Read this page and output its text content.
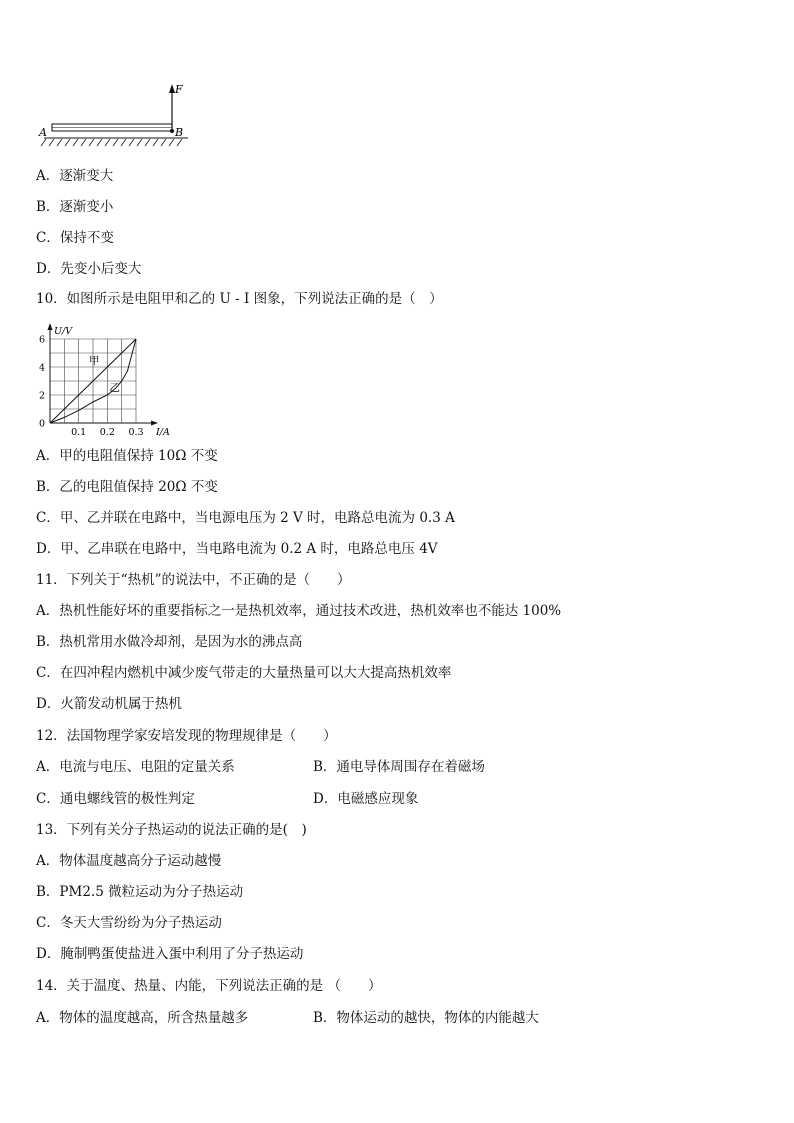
F
A	B
A．逐渐变大
B．逐渐变小
C．保持不变
D．先变小后变大
10．如图所示是电阻甲和乙的 U - I 图象，下列说法正确的是（　）
0.1 0.2 0.3
0
2
4
6
I/A
U/V
甲
乙
A．甲的电阻值保持 10Ω 不变
B．乙的电阻值保持 20Ω 不变
C．甲、乙并联在电路中，当电源电压为 2 V 时，电路总电流为 0.3 A
D．甲、乙串联在电路中，当电路电流为 0.2 A 时，电路总电压 4V
11．下列关于“热机”的说法中，不正确的是（　　）
A．热机性能好坏的重要指标之一是热机效率，通过技术改进，热机效率也不能达 100%
B．热机常用水做冷却剂，是因为水的沸点高
C．在四冲程内燃机中减少废气带走的大量热量可以大大提高热机效率
D．火箭发动机属于热机
12．法国物理学家安培发现的物理规律是（　　）
A．电流与电压、电阻的定量关系	B．通电导体周围存在着磁场
C．通电螺线管的极性判定	D．电磁感应现象
13．下列有关分子热运动的说法正确的是(　)
A．物体温度越高分子运动越慢
B．PM2.5 微粒运动为分子热运动
C．冬天大雪纷纷为分子热运动
D．腌制鸭蛋使盐进入蛋中利用了分子热运动
14．关于温度、热量、内能，下列说法正确的是 （　　）
A．物体的温度越高，所含热量越多	B．物体运动的越快，物体的内能越大
